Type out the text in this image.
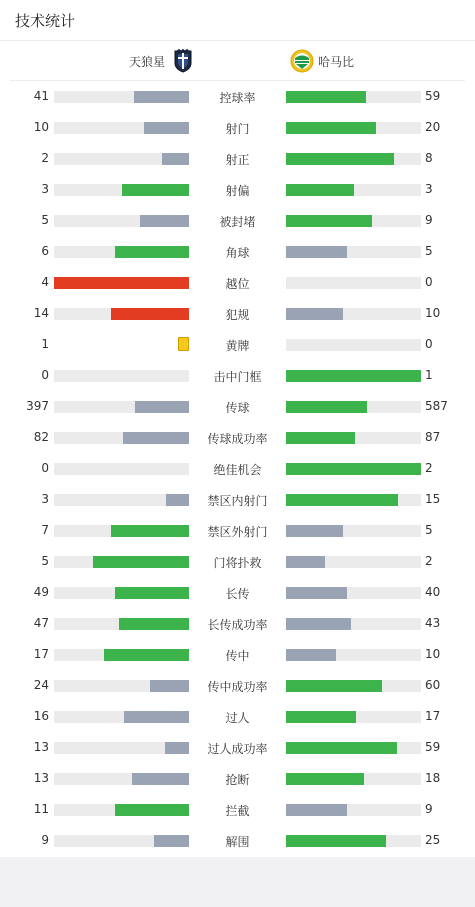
技术统计
天狼星	哈马比
41	控球率	59
10	射门	20
2	射正	8
3	射偏	3
5	被封堵	9
6	角球	5
4	越位	0
14	犯规	10
1	黄牌	0
0	击中门框	1
397	传球	587
82	传球成功率	87
0	绝佳机会	2
3	禁区内射门	15
7	禁区外射门	5
5	门将扑救	2
49	长传	40
47	长传成功率	43
17	传中	10
24	传中成功率	60
16	过人	17
13	过人成功率	59
13	抢断	18
11	拦截	9
9	解围	25
